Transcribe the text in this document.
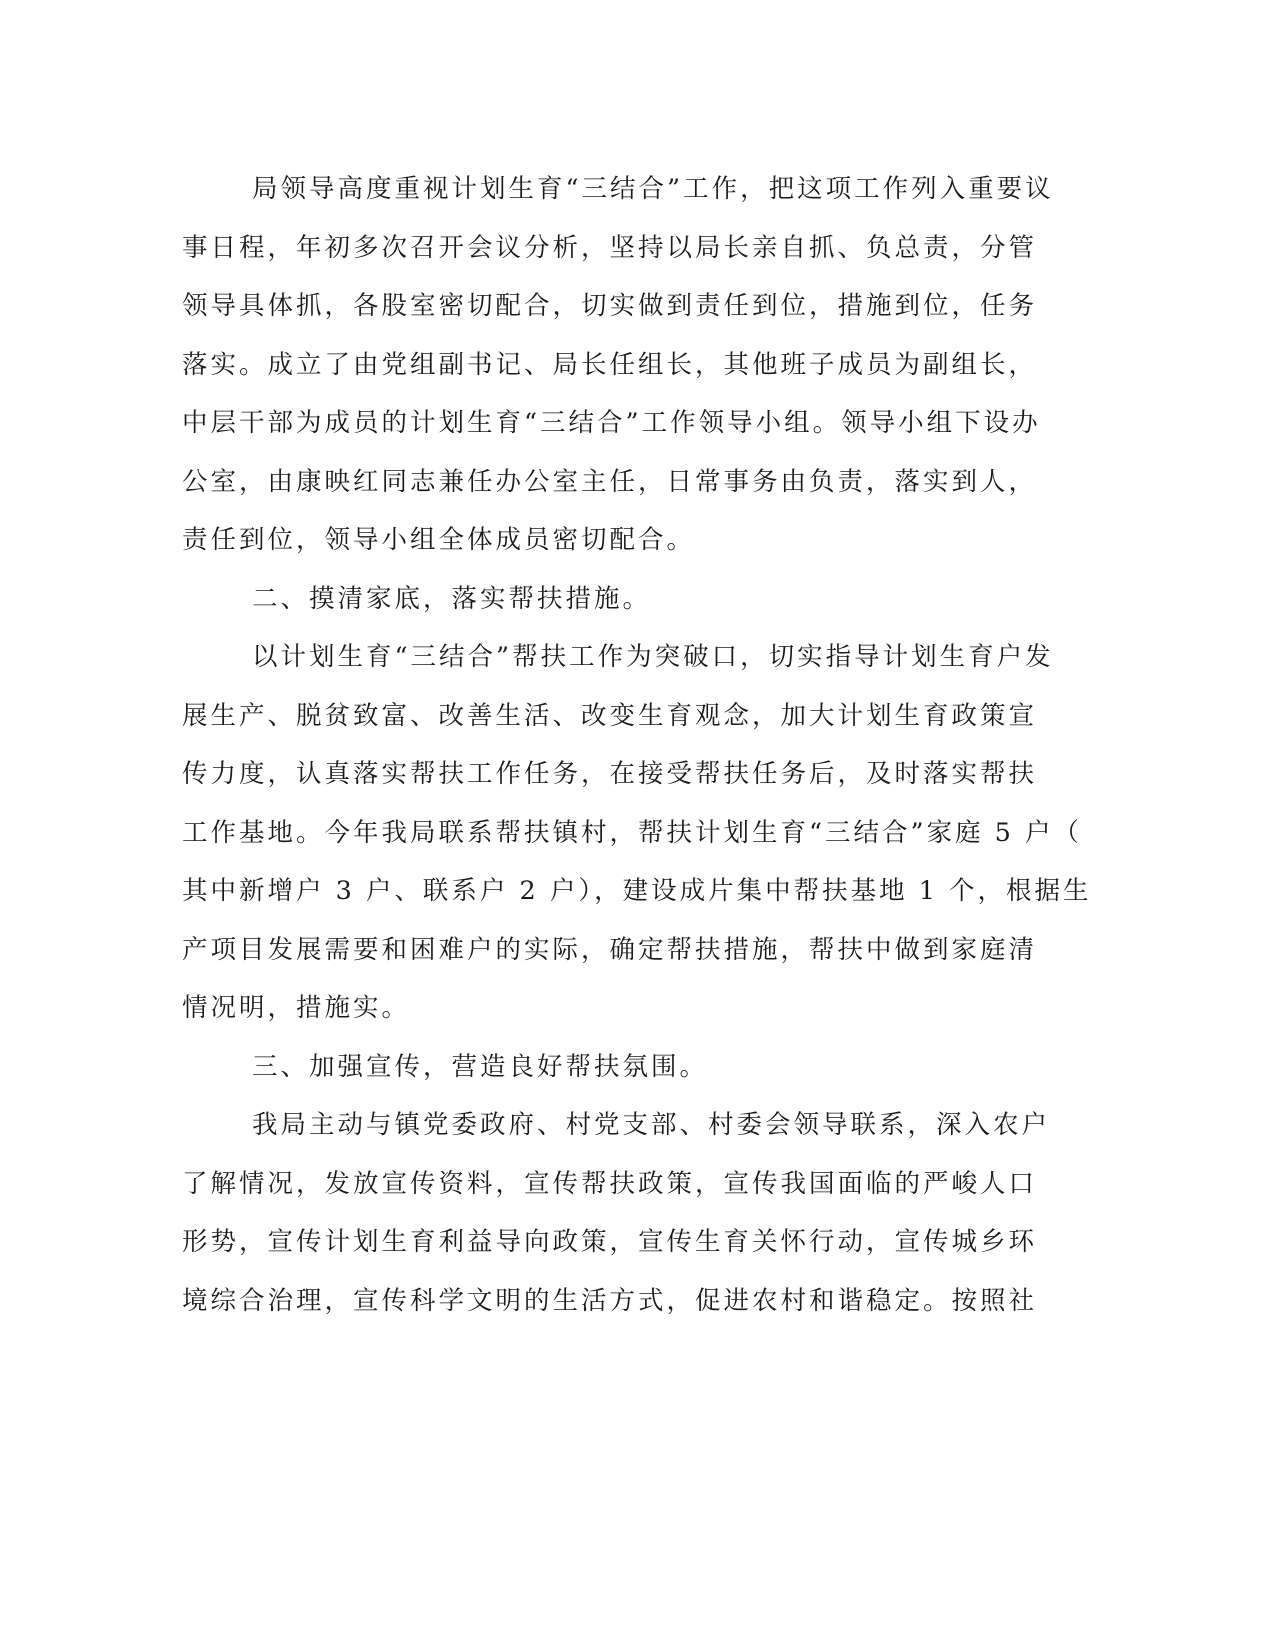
局领导高度重视计划生育“三结合”工作，把这项工作列入重要议
事日程，年初多次召开会议分析，坚持以局长亲自抓、负总责，分管
领导具体抓，各股室密切配合，切实做到责任到位，措施到位，任务
落实。成立了由党组副书记、局长任组长，其他班子成员为副组长，
中层干部为成员的计划生育“三结合”工作领导小组。领导小组下设办
公室，由康映红同志兼任办公室主任，日常事务由负责，落实到人，
责任到位，领导小组全体成员密切配合。
二、摸清家底，落实帮扶措施。
以计划生育“三结合”帮扶工作为突破口，切实指导计划生育户发
展生产、脱贫致富、改善生活、改变生育观念，加大计划生育政策宣
传力度，认真落实帮扶工作任务，在接受帮扶任务后，及时落实帮扶
工作基地。今年我局联系帮扶镇村，帮扶计划生育“三结合”家庭 5 户（
其中新增户 3 户、联系户 2 户），建设成片集中帮扶基地 1 个，根据生
产项目发展需要和困难户的实际，确定帮扶措施，帮扶中做到家庭清
情况明，措施实。
三、加强宣传，营造良好帮扶氛围。
我局主动与镇党委政府、村党支部、村委会领导联系，深入农户
了解情况，发放宣传资料，宣传帮扶政策，宣传我国面临的严峻人口
形势，宣传计划生育利益导向政策，宣传生育关怀行动，宣传城乡环
境综合治理，宣传科学文明的生活方式，促进农村和谐稳定。按照社
